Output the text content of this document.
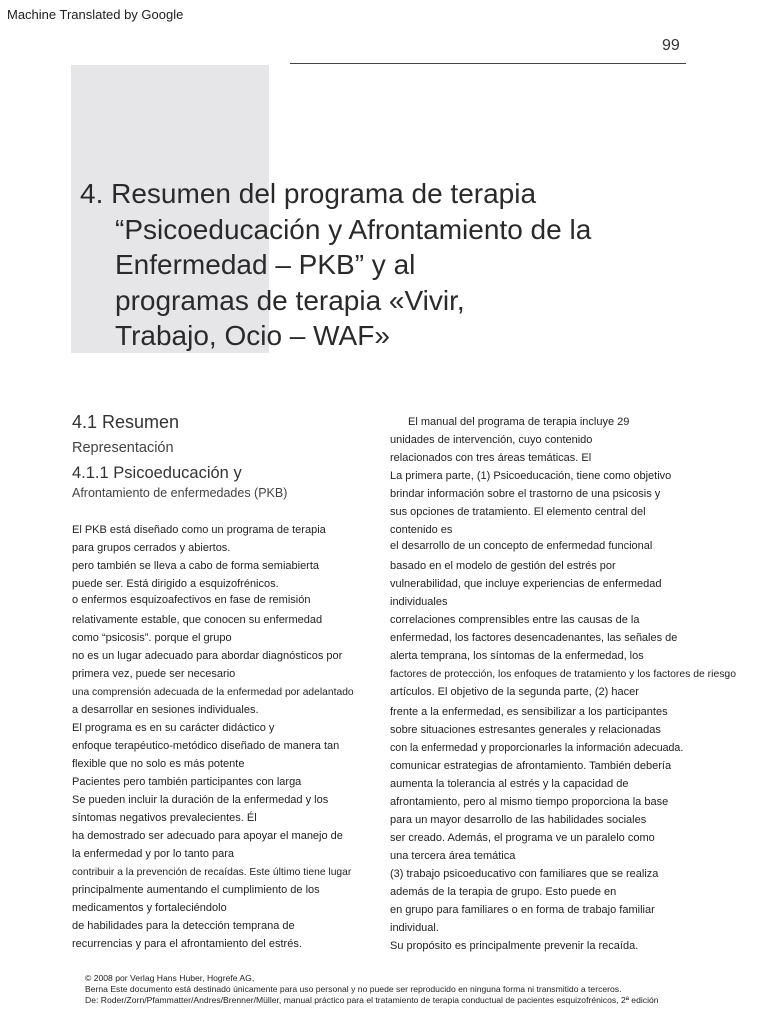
Machine Translated by Google
99
4. Resumen del programa de terapia
“Psicoeducación y Afrontamiento de la
Enfermedad – PKB” y al
programas de terapia «Vivir,
Trabajo, Ocio – WAF»
4.1 Resumen
Representación
4.1.1 Psicoeducación y
Afrontamiento de enfermedades (PKB)
El PKB está diseñado como un programa de terapia
para grupos cerrados y abiertos.
pero también se lleva a cabo de forma semiabierta
puede ser. Está dirigido a esquizofrénicos.
o enfermos esquizoafectivos en fase de remisión
relativamente estable, que conocen su enfermedad
como “psicosis”. porque el grupo
no es un lugar adecuado para abordar diagnósticos por
primera vez, puede ser necesario
una comprensión adecuada de la enfermedad por adelantado
a desarrollar en sesiones individuales.
El programa es en su carácter didáctico y
enfoque terapéutico-metódico diseñado de manera tan
flexible que no solo es más potente
Pacientes pero también participantes con larga
Se pueden incluir la duración de la enfermedad y los
síntomas negativos prevalecientes. Él
ha demostrado ser adecuado para apoyar el manejo de
la enfermedad y por lo tanto para
contribuir a la prevención de recaídas. Este último tiene lugar
principalmente aumentando el cumplimiento de los
medicamentos y fortaleciéndolo
de habilidades para la detección temprana de
recurrencias y para el afrontamiento del estrés.
El manual del programa de terapia incluye 29
unidades de intervención, cuyo contenido
relacionados con tres áreas temáticas. El
La primera parte, (1) Psicoeducación, tiene como objetivo
brindar información sobre el trastorno de una psicosis y
sus opciones de tratamiento. El elemento central del
contenido es
el desarrollo de un concepto de enfermedad funcional
basado en el modelo de gestión del estrés por
vulnerabilidad, que incluye experiencias de enfermedad
individuales
correlaciones comprensibles entre las causas de la
enfermedad, los factores desencadenantes, las señales de
alerta temprana, los síntomas de la enfermedad, los
factores de protección, los enfoques de tratamiento y los factores de riesgo
artículos. El objetivo de la segunda parte, (2) hacer
frente a la enfermedad, es sensibilizar a los participantes
sobre situaciones estresantes generales y relacionadas
con la enfermedad y proporcionarles la información adecuada.
comunicar estrategias de afrontamiento. También debería
aumenta la tolerancia al estrés y la capacidad de
afrontamiento, pero al mismo tiempo proporciona la base
para un mayor desarrollo de las habilidades sociales
ser creado. Además, el programa ve un paralelo como
una tercera área temática
(3) trabajo psicoeducativo con familiares que se realiza
además de la terapia de grupo. Esto puede en
en grupo para familiares o en forma de trabajo familiar
individual.
Su propósito es principalmente prevenir la recaída.
© 2008 por Verlag Hans Huber, Hogrefe AG,
Berna Este documento está destinado únicamente para uso personal y no puede ser reproducido en ninguna forma ni transmitido a terceros.
De: Roder/Zorn/Pfammatter/Andres/Brenner/Müller, manual práctico para el tratamiento de terapia conductual de pacientes esquizofrénicos, 2ª edición
